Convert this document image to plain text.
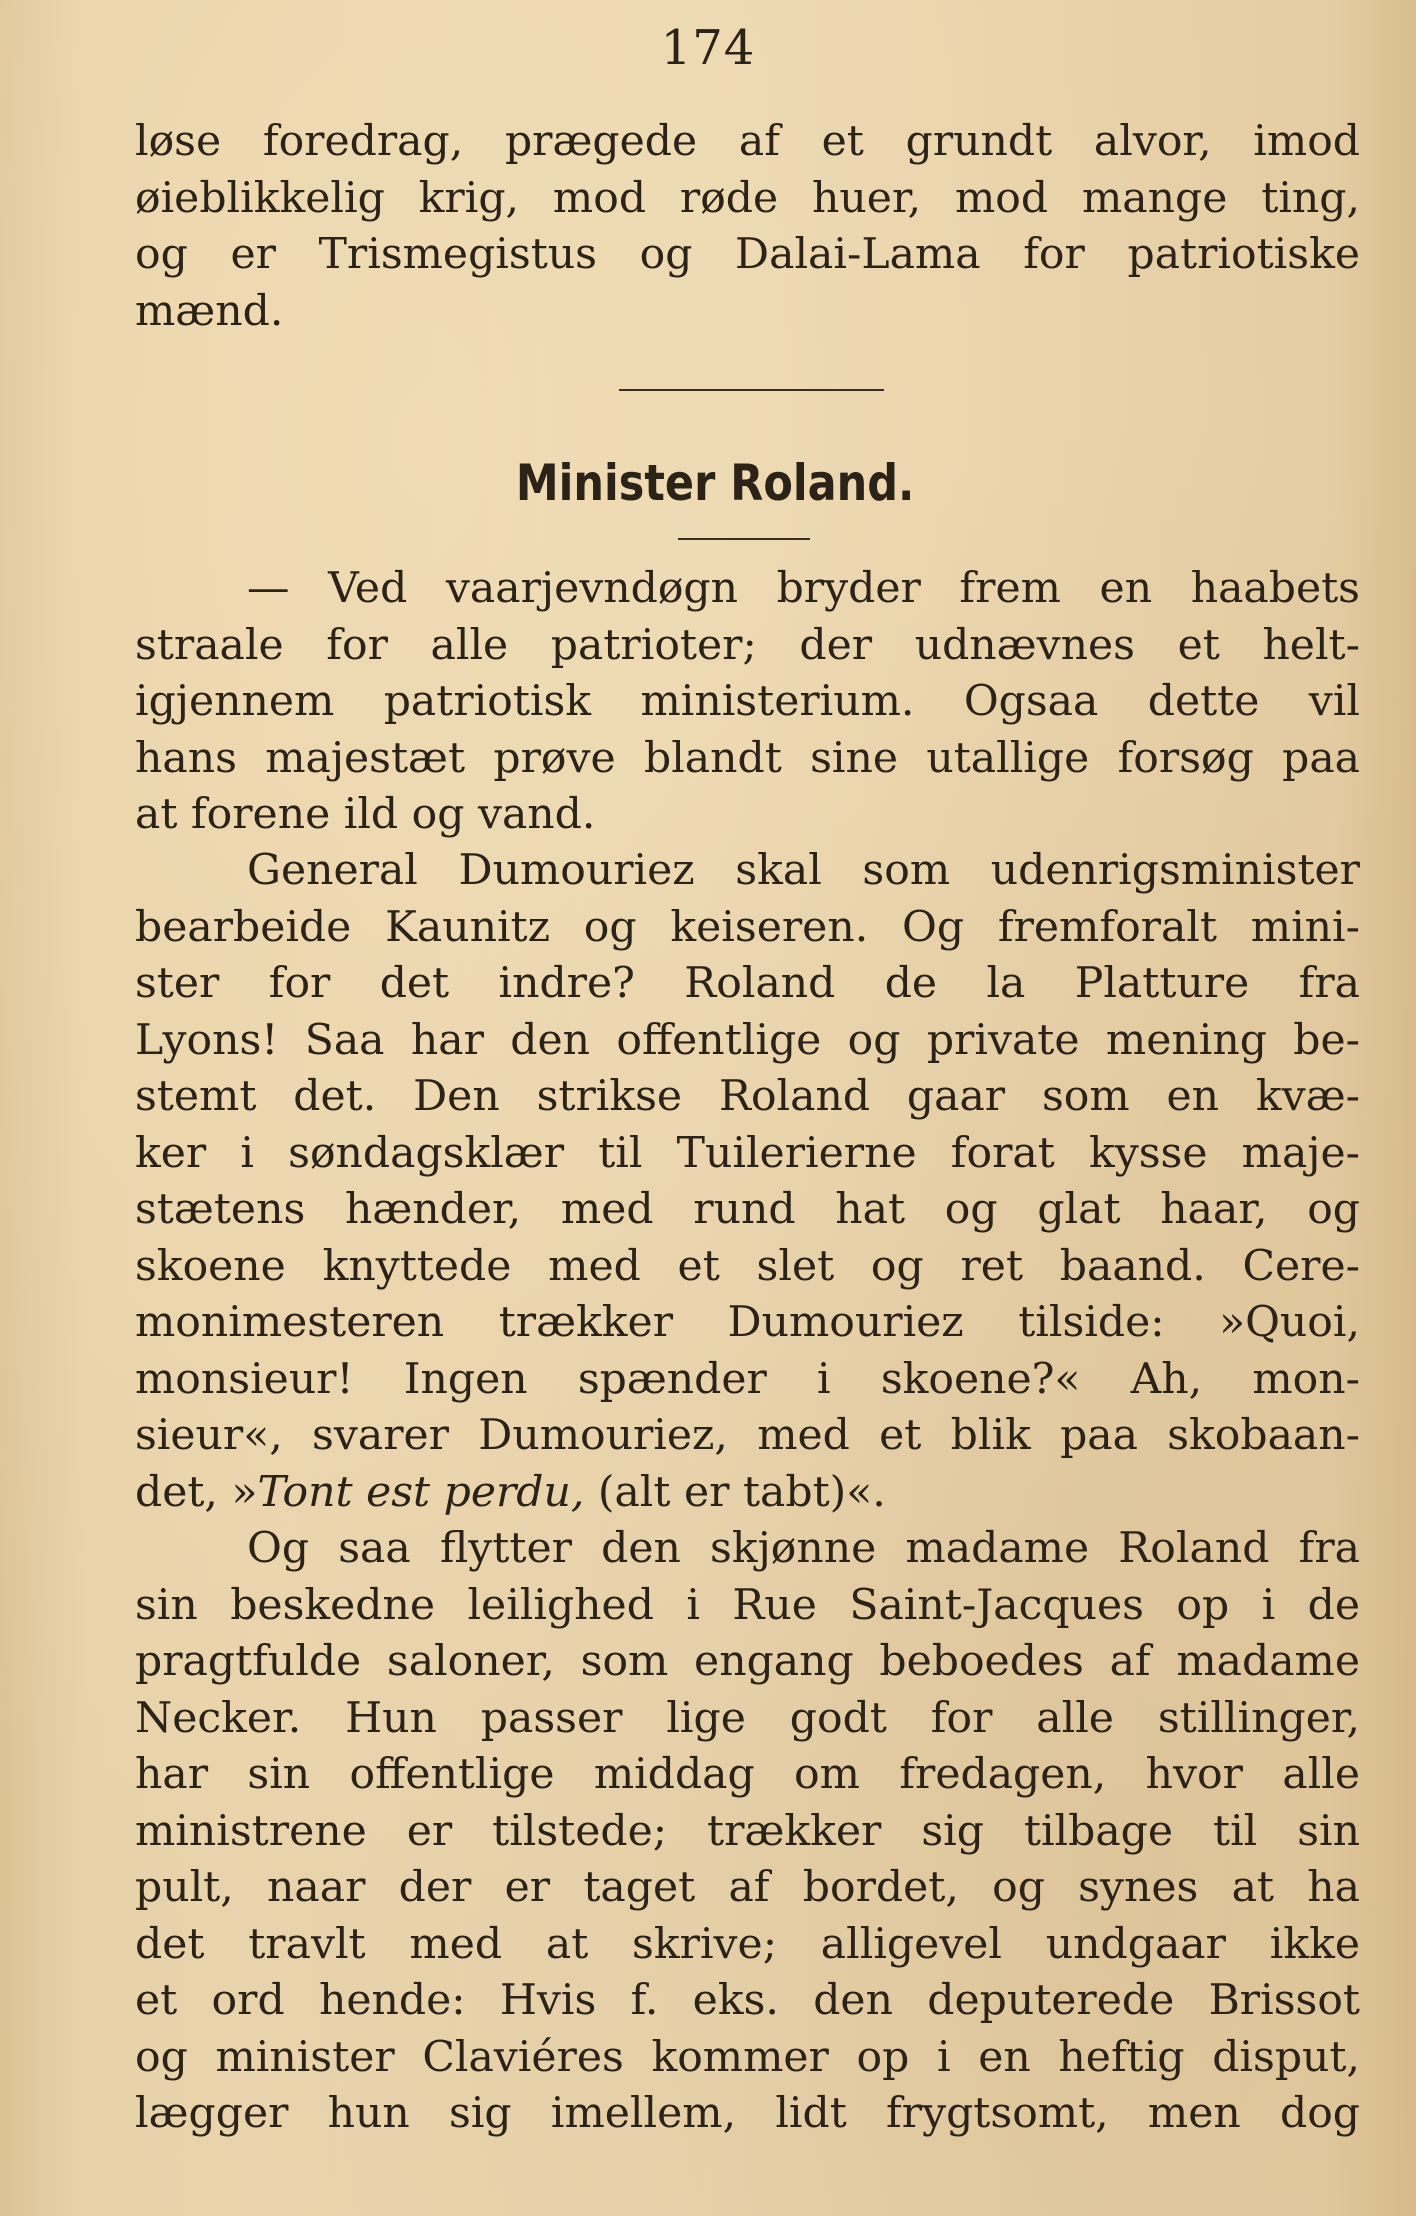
174
løse foredrag, prægede af et grundt alvor, imod
øieblikkelig krig, mod røde huer, mod mange ting,
og er Trismegistus og Dalai-Lama for patriotiske
mænd.
Minister Roland.
— Ved vaarjevndøgn bryder frem en haabets
straale for alle patrioter; der udnævnes et helt-
igjennem patriotisk ministerium. Ogsaa dette vil
hans majestæt prøve blandt sine utallige forsøg paa
at forene ild og vand.
General Dumouriez skal som udenrigsminister
bearbeide Kaunitz og keiseren. Og fremforalt mini-
ster for det indre? Roland de la Platture fra
Lyons! Saa har den offentlige og private mening be-
stemt det. Den strikse Roland gaar som en kvæ-
ker i søndagsklær til Tuilerierne forat kysse maje-
stætens hænder, med rund hat og glat haar, og
skoene knyttede med et slet og ret baand. Cere-
monimesteren trækker Dumouriez tilside: »Quoi,
monsieur! Ingen spænder i skoene?« Ah, mon-
sieur«, svarer Dumouriez, med et blik paa skobaan-
det, »Tont est perdu, (alt er tabt)«.
Og saa flytter den skjønne madame Roland fra
sin beskedne leilighed i Rue Saint-Jacques op i de
pragtfulde saloner, som engang beboedes af madame
Necker. Hun passer lige godt for alle stillinger,
har sin offentlige middag om fredagen, hvor alle
ministrene er tilstede; trækker sig tilbage til sin
pult, naar der er taget af bordet, og synes at ha
det travlt med at skrive; alligevel undgaar ikke
et ord hende: Hvis f. eks. den deputerede Brissot
og minister Claviéres kommer op i en heftig disput,
lægger hun sig imellem, lidt frygtsomt, men dog
